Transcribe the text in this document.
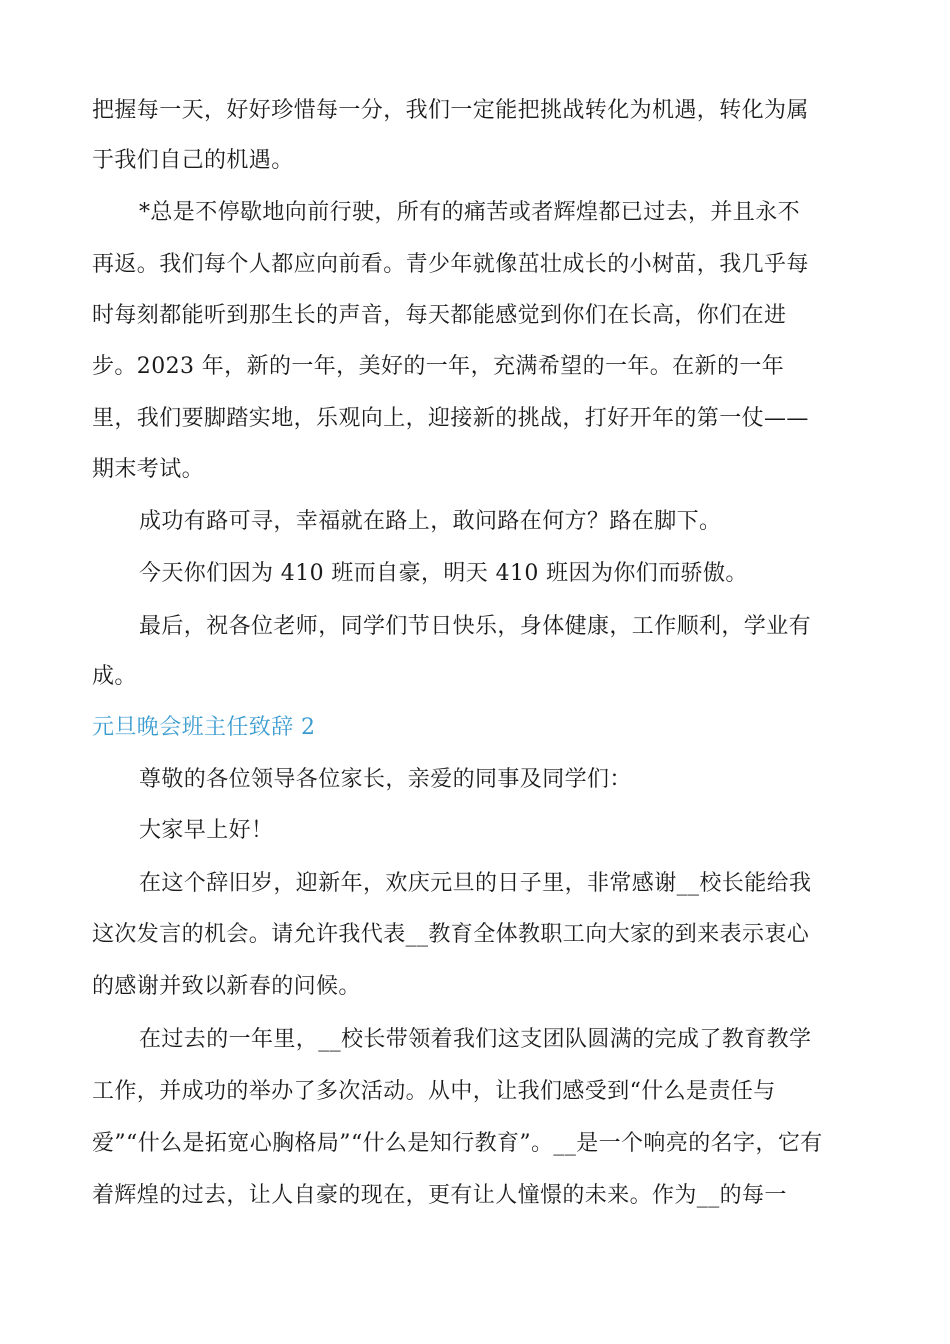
把握每一天，好好珍惜每一分，我们一定能把挑战转化为机遇，转化为属
于我们自己的机遇。
*总是不停歇地向前行驶，所有的痛苦或者辉煌都已过去，并且永不
再返。我们每个人都应向前看。青少年就像茁壮成长的小树苗，我几乎每
时每刻都能听到那生长的声音，每天都能感觉到你们在长高，你们在进
步。2023 年，新的一年，美好的一年，充满希望的一年。在新的一年
里，我们要脚踏实地，乐观向上，迎接新的挑战，打好开年的第一仗——
期末考试。
成功有路可寻，幸福就在路上，敢问路在何方？路在脚下。
今天你们因为 410 班而自豪，明天 410 班因为你们而骄傲。
最后，祝各位老师，同学们节日快乐，身体健康，工作顺利，学业有
成。
元旦晚会班主任致辞 2
尊敬的各位领导各位家长，亲爱的同事及同学们：
大家早上好！
在这个辞旧岁，迎新年，欢庆元旦的日子里，非常感谢__校长能给我
这次发言的机会。请允许我代表__教育全体教职工向大家的到来表示衷心
的感谢并致以新春的问候。
在过去的一年里，__校长带领着我们这支团队圆满的完成了教育教学
工作，并成功的举办了多次活动。从中，让我们感受到“什么是责任与
爱”“什么是拓宽心胸格局”“什么是知行教育”。__是一个响亮的名字，它有
着辉煌的过去，让人自豪的现在，更有让人憧憬的未来。作为__的每一
